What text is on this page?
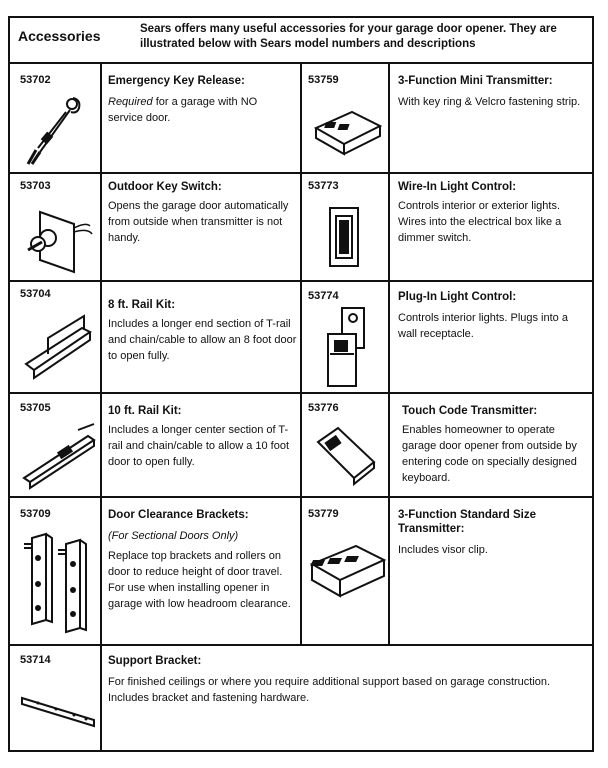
Accessories	Sears offers many useful accessories for your garage door opener. They are illustrated below with Sears model numbers and descriptions
53702	Emergency Key Release:
Required for a garage with NO service door.
53759	3-Function Mini Transmitter:
With key ring & Velcro fastening strip.
53703	Outdoor Key Switch:
Opens the garage door automatically from outside when transmitter is not handy.
53773	Wire-In Light Control:
Controls interior or exterior lights. Wires into the electrical box like a dimmer switch.
53704
8 ft. Rail Kit:
Includes a longer end section of T-rail and chain/cable to allow an 8 foot door to open fully.
53774	Plug-In Light Control:
Controls interior lights. Plugs into a wall receptacle.
53705	10 ft. Rail Kit:
Includes a longer center section of T-rail and chain/cable to allow a 10 foot door to open fully.
53776	Touch Code Transmitter:
Enables homeowner to operate garage door opener from outside by entering code on specially designed keyboard.
53709	Door Clearance Brackets:
(For Sectional Doors Only)
Replace top brackets and rollers on door to reduce height of door travel. For use when installing opener in garage with low headroom clearance.
53779	3-Function Standard Size Transmitter:
Includes visor clip.
53714	Support Bracket:
For finished ceilings or where you require additional support based on garage construction. Includes bracket and fastening hardware.
